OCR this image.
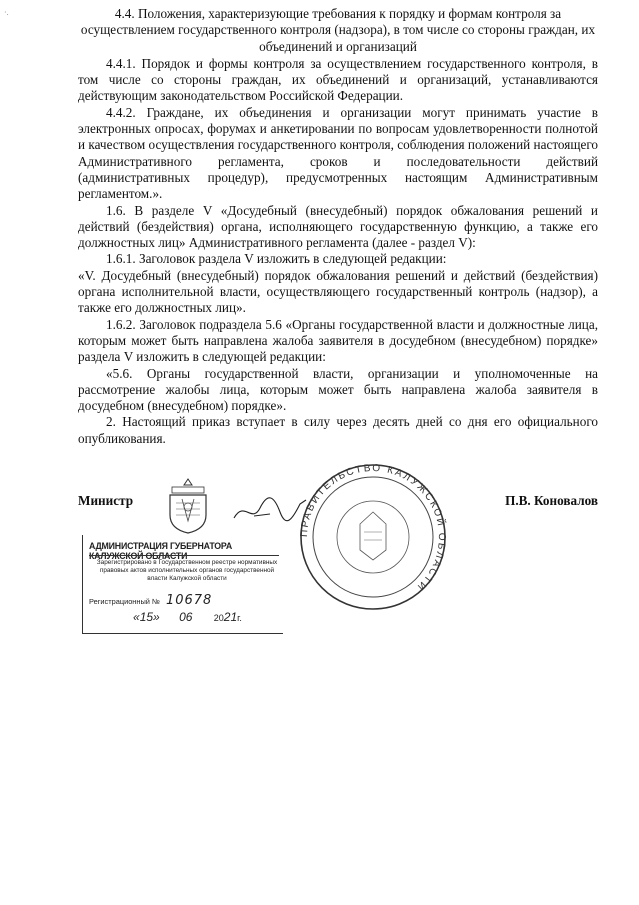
·.	4.4. Положения, характеризующие требования к порядку и формам контроля за осуществлением государственного контроля (надзора), в том числе со стороны граждан, их объединений и организаций

4.4.1. Порядок и формы контроля за осуществлением государственного контроля, в том числе со стороны граждан, их объединений и организаций, устанавливаются действующим законодательством Российской Федерации.

4.4.2. Граждане, их объединения и организации могут принимать участие в электронных опросах, форумах и анкетировании по вопросам удовлетворенности полнотой и качеством осуществления государственного контроля, соблюдения положений настоящего Административного регламента, сроков и последовательности действий (административных процедур), предусмотренных настоящим Административным регламентом.».

1.6. В разделе V «Досудебный (внесудебный) порядок обжалования решений и действий (бездействия) органа, исполняющего государственную функцию, а также его должностных лиц» Административного регламента (далее - раздел V):

1.6.1. Заголовок раздела V изложить в следующей редакции:

«V. Досудебный (внесудебный) порядок обжалования решений и действий (бездействия) органа исполнительной власти, осуществляющего государственный контроль (надзор), а также его должностных лиц».

1.6.2. Заголовок подраздела 5.6 «Органы государственной власти и должностные лица, которым может быть направлена жалоба заявителя в досудебном (внесудебном) порядке» раздела V изложить в следующей редакции:

«5.6. Органы государственной власти, организации и уполномоченные на рассмотрение жалобы лица, которым может быть направлена жалоба заявителя в досудебном (внесудебном) порядке».

2. Настоящий приказ вступает в силу через десять дней со дня его официального опубликования.

Министр	П.В. Коновалов
ПРАВИТЕЛЬСТВО КАЛУЖСКОЙ ОБЛАСТИ
АДМИНИСТРАЦИЯ ГУБЕРНАТОРА КАЛУЖСКОЙ ОБЛАСТИ
Зарегистрировано в Государственном реестре нормативных правовых актов исполнительных органов государственной власти Калужской области
Регистрационный № 10678
«15» 06 2021г.
